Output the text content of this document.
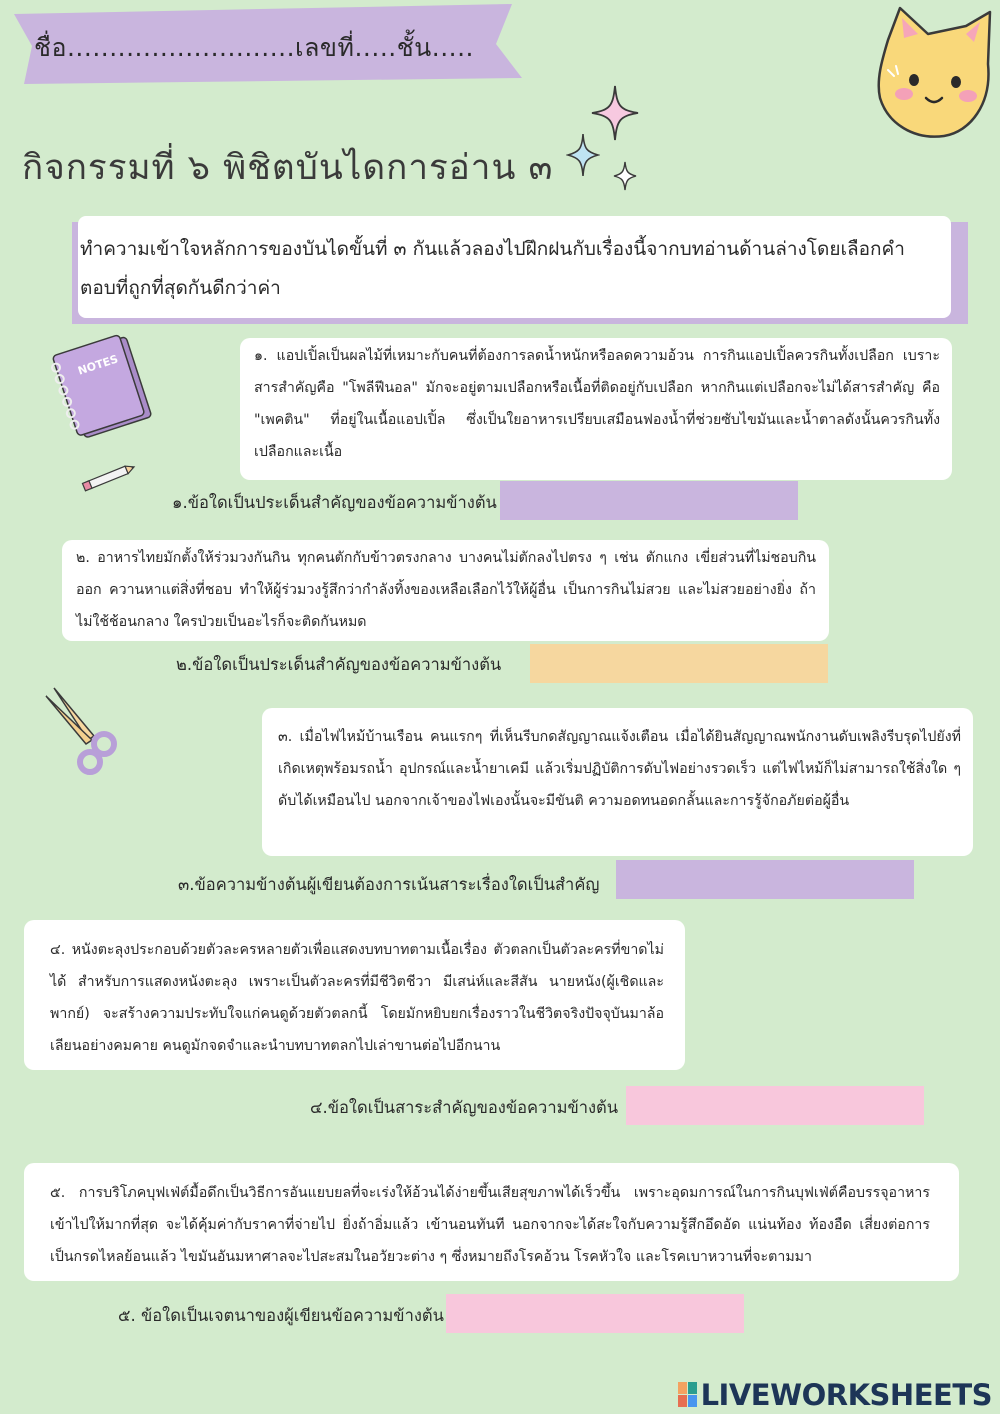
ชื่อ...........................เลขที่.....ชั้น.....
กิจกรรมที่ ๖ พิชิตบันไดการอ่าน ๓
ทำความเข้าใจหลักการของบันไดขั้นที่ ๓ กันแล้วลองไปฝึกฝนกับเรื่องนี้จากบทอ่านด้านล่างโดยเลือกคำตอบที่ถูกที่สุดกันดีกว่าค่า
NOTES	๑. แอปเปิ้ลเป็นผลไม้ที่เหมาะกับคนที่ต้องการลดน้ำหนักหรือลดความอ้วน การกินแอปเปิ้ลควรกินทั้งเปลือก เบราะสารสำคัญคือ "โพลีฟีนอล" มักจะอยู่ตามเปลือกหรือเนื้อที่ติดอยู่กับเปลือก หากกินแต่เปลือกจะไม่ได้สารสำคัญ คือ "เพคติน" ที่อยู่ในเนื้อแอปเปิ้ล ซึ่งเป็นใยอาหารเปรียบเสมือนฟองน้ำที่ช่วยซับไขมันและน้ำตาลดังนั้นควรกินทั้งเปลือกและเนื้อ
๑.ข้อใดเป็นประเด็นสำคัญของข้อความข้างต้น
๒. อาหารไทยมักตั้งให้ร่วมวงกันกิน ทุกคนตักกับข้าวตรงกลาง บางคนไม่ตักลงไปตรง ๆ เช่น ตักแกง เขี่ยส่วนที่ไม่ชอบกินออก ควานหาแต่สิ่งที่ชอบ ทำให้ผู้ร่วมวงรู้สึกว่ากำลังทิ้งของเหลือเลือกไว้ให้ผู้อื่น เป็นการกินไม่สวย และไม่สวยอย่างยิ่ง ถ้าไม่ใช้ช้อนกลาง ใครป่วยเป็นอะไรก็จะติดกันหมด
๒.ข้อใดเป็นประเด็นสำคัญของข้อความข้างต้น
๓. เมื่อไฟไหม้บ้านเรือน คนแรกๆ ที่เห็นรีบกดสัญญาณแจ้งเตือน เมื่อได้ยินสัญญาณพนักงานดับเพลิงรีบรุดไปยังที่เกิดเหตุพร้อมรถน้ำ อุปกรณ์และน้ำยาเคมี แล้วเริ่มปฏิบัติการดับไฟอย่างรวดเร็ว แต่ไฟไหม้ก็ไม่สามารถใช้สิ่งใด ๆ ดับได้เหมือนไป นอกจากเจ้าของไฟเองนั้นจะมีขันติ ความอดทนอดกลั้นและการรู้จักอภัยต่อผู้อื่น
๓.ข้อความข้างต้นผู้เขียนต้องการเน้นสาระเรื่องใดเป็นสำคัญ
๔. หนังตะลุงประกอบด้วยตัวละครหลายตัวเพื่อแสดงบทบาทตามเนื้อเรื่อง ตัวตลกเป็นตัวละครที่ขาดไม่ได้ สำหรับการแสดงหนังตะลุง เพราะเป็นตัวละครที่มีชีวิตชีวา มีเสน่ห์และสีสัน นายหนัง(ผู้เชิดและพากย์) จะสร้างความประทับใจแก่คนดูด้วยตัวตลกนี้ โดยมักหยิบยกเรื่องราวในชีวิตจริงปัจจุบันมาล้อเลียนอย่างคมคาย คนดูมักจดจำและนำบทบาทตลกไปเล่าขานต่อไปอีกนาน
๔.ข้อใดเป็นสาระสำคัญของข้อความข้างต้น
๕. การบริโภคบุฟเฟ่ต์มื้อดึกเป็นวิธีการอันแยบยลที่จะเร่งให้อ้วนได้ง่ายขึ้นเสียสุขภาพได้เร็วขึ้น เพราะอุดมการณ์ในการกินบุฟเฟ่ต์คือบรรจุอาหารเข้าไปให้มากที่สุด จะได้คุ้มค่ากับราคาที่จ่ายไป ยิ่งถ้าอิ่มแล้ว เข้านอนทันที นอกจากจะได้สะใจกับความรู้สึกอึดอัด แน่นท้อง ท้องอืด เสี่ยงต่อการเป็นกรดไหลย้อนแล้ว ไขมันอันมหาศาลจะไปสะสมในอวัยวะต่าง ๆ ซึ่งหมายถึงโรคอ้วน โรคหัวใจ และโรคเบาหวานที่จะตามมา
๕. ข้อใดเป็นเจตนาของผู้เขียนข้อความข้างต้น
LIVEWORKSHEETS
